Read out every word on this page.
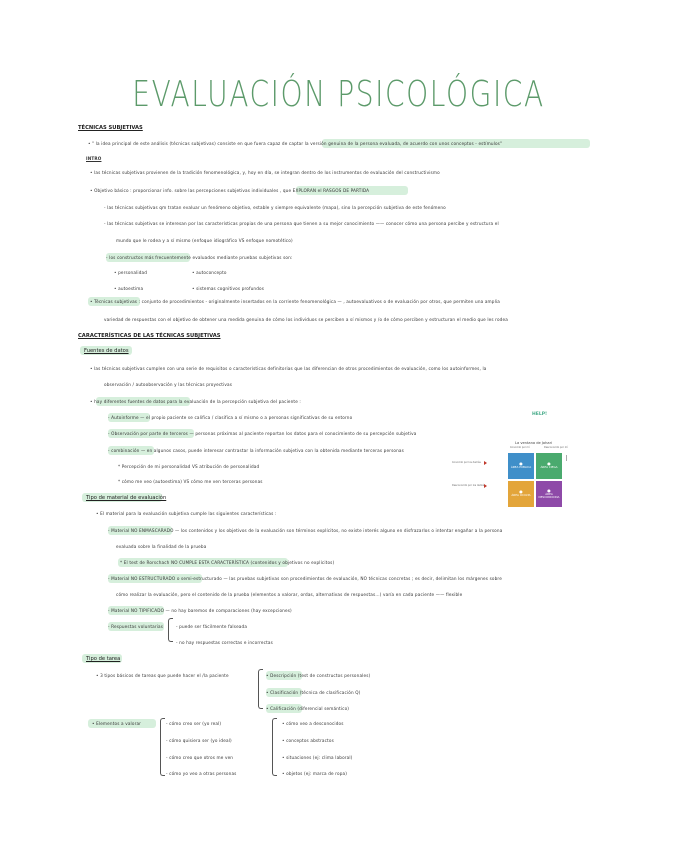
EVALUACIÓN PSICOLÓGICA
TÉCNICAS SUBJETIVAS
• " la idea principal de este análisis (técnicas subjetivas) consiste en que fuera capaz de captar la versión genuina de la persona evaluada, de acuerdo con unos conceptos - estímulos"
INTRO
• las técnicas subjetivas provienen de la tradición fenomenológica, y, hoy en día, se integran dentro de los instrumentos de evaluación del constructivismo
• Objetivo básico : proporcionar info. sobre las percepciones subjetivas individuales , que EXPLORAN el RASGOS DE PARTIDA
- las técnicas subjetivas qm tratan evaluar un fenómeno objetivo, estable y siempre equivalente (mapa), sino la percepción subjetiva de este fenómeno
- las técnicas subjetivas se interesan por las características propias de una persona que tienen a su mejor conocimiento —— conocer cómo una persona percibe y estructura el
mundo que le rodea y a sí mismo (enfoque idiográfico VS enfoque nomotético)
- los constructos más frecuentemente evaluados mediante pruebas subjetivas son:
• personalidad	• autoconcepto
• autoestima	• sistemas cognitivos profundos
• Técnicas subjetivas : conjunto de procedimientos - originalmente insertados en la corriente fenomenológica — , autoevaluativos o de evaluación por otros, que permiten una amplia
variedad de respuestas con el objetivo de obtener una medida genuina de cómo los individuos se perciben a sí mismos y /o de cómo perciben y estructuran el medio que les rodea
CARACTERÍSTICAS DE LAS TÉCNICAS SUBJETIVAS
Fuentes de datos
• las técnicas subjetivas cumplen con una serie de requisitos o características definitorias que las diferencian de otros procedimientos de evaluación, como los autoinformes, la
observación / autoobservación y las técnicas proyectivas
• hay diferentes fuentes de datos para la evaluación de la percepción subjetiva del paciente :
- Autoinforme — el propio paciente se califica / clasifica a sí mismo o a personas significativas de su entorno
- Observación por parte de terceros — personas próximas al paciente reportan los datos para el conocimiento de su percepción subjetiva
- combinación — en algunos casos, puede interesar contrastar la información subjetiva con la obtenida mediante terceras personas
* Percepción de mi personalidad VS atribución de personalidad
* cómo me veo (autoestima) VS cómo me ven terceras personas
HELP!
La ventana de Johari
Conocido por mí	Desconocido por mí
Conocido por los demás
Desconocido por los demás
●
ÁREA PÚBLICA
●
ÁREA CIEGA
●
ÁREA OCULTA
●
ÁREA DESCONOCIDA
Tipo de material de evaluación
• El material para la evaluación subjetiva cumple las siguientes características :
- Material NO ENMASCARADO — los contenidos y los objetivos de la evaluación son términos explícitos, no existe interés alguno en disfrazarlos o intentar engañar a la persona
evaluada sobre la finalidad de la prueba
* El test de Rorschach NO CUMPLE ESTA CARACTERÍSTICA (contenidos y objetivos no explícitos)
- Material NO ESTRUCTURADO o semi-estructurado — las pruebas subjetivas son procedimientos de evaluación, NO técnicas concretas ; es decir, delimitan los márgenes sobre
cómo realizar la evaluación, pero el contenido de la prueba (elementos a valorar, ordas, alternativas de respuestas...) varía en cada paciente —— flexible
- Material NO TIPIFICADO — no hay baremos de comparaciones (hay excepciones)
- Respuestas voluntarias	- puede ser fácilmente falseada
- no hay respuestas correctas e incorrectas
Tipo de tarea
• 3 tipos básicos de tareas que puede hacer el /la paciente	• Descripción (test de constructos personales)
• Clasificación (técnica de clasificación Q)
• Calificación (diferencial semántico)
• Elementos a valorar	- cómo creo ser (yo real)
- cómo quisiera ser (yo ideal)
- cómo creo que otros me ven
- cómo yo veo a otras personas
• cómo veo a desconocidos
• conceptos abstractos
• situaciones (ej: clima laboral)
• objetos (ej: marca de ropa)
